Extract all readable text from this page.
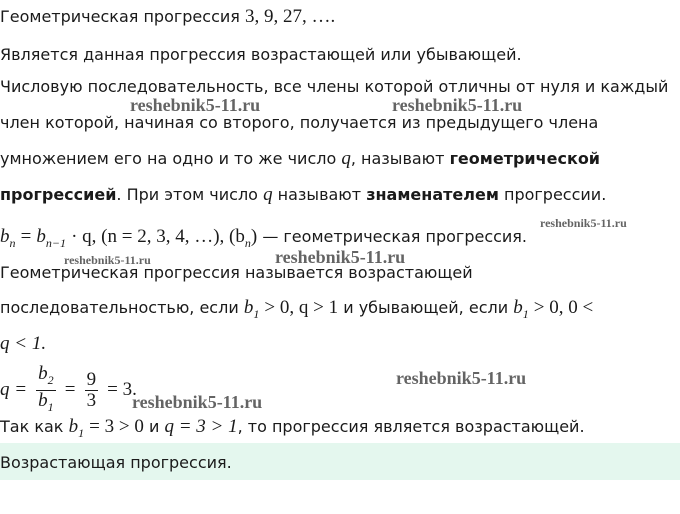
Геометрическая прогрессия 3, 9, 27, ….
Является данная прогрессия возрастающей или убывающей.
Числовую последовательность, все члены которой отличны от нуля и каждый
член которой, начиная со второго, получается из предыдущего члена
умножением его на одно и то же число q, называют геометрической
прогрессией. При этом число q называют знаменателем прогрессии.
$b_n = b_{n-1} \cdot q$, (n = 2, 3, 4, …), $(b_n)$ — геометрическая прогрессия.
Геометрическая прогрессия называется возрастающей
последовательностью, если $b_1 > 0$, q > 1 и убывающей, если $b_1 > 0$, 0 <
q < 1.
$q = \frac{b_2}{b_1} = \frac{9}{3} = 3$.
Так как $b_1 = 3 > 0$ и q = 3 > 1, то прогрессия является возрастающей.
Возрастающая прогрессия.
reshebnik5-11.ru	reshebnik5-11.ru
reshebnik5-11.ru
reshebnik5-11.ru	reshebnik5-11.ru
reshebnik5-11.ru
reshebnik5-11.ru
